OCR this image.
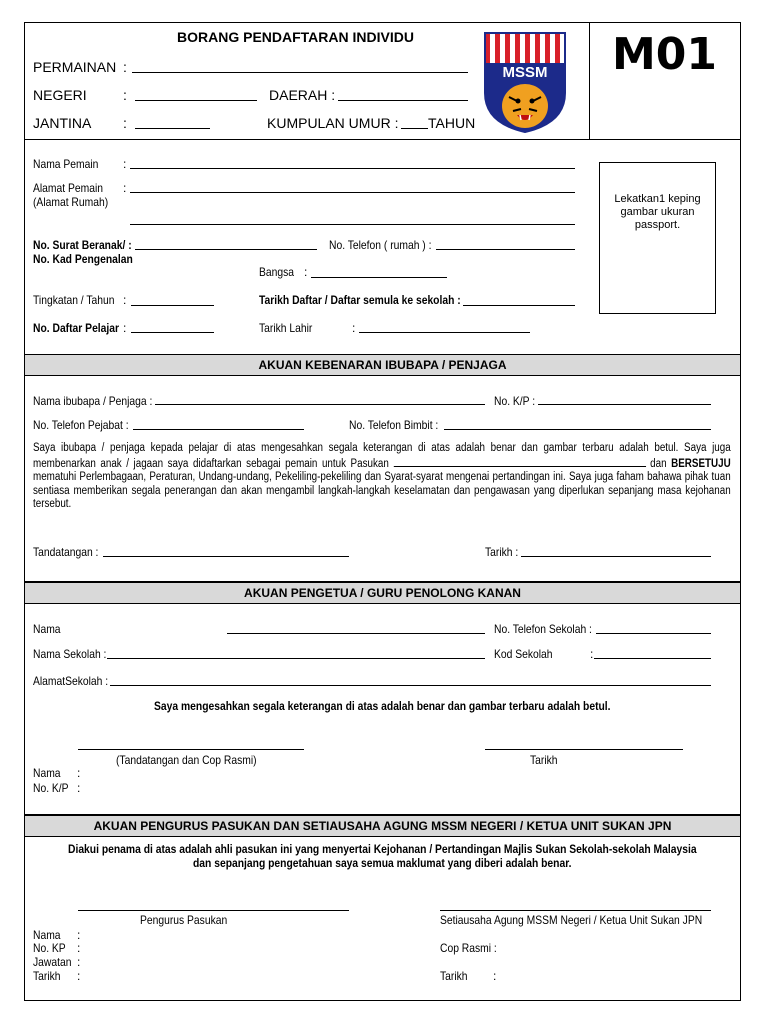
BORANG PENDAFTARAN INDIVIDU
PERMAINAN :
NEGERI	:	DAERAH :
JANTINA :	KUMPULAN UMUR : TAHUN
MSSM M01
Nama Pemain :
Alamat Pemain :
(Alamat Rumah)
No. Surat Beranak/ :
No. Kad Pengenalan
No. Telefon ( rumah ) :
Bangsa :
Tingkatan / Tahun :	Tarikh Daftar / Daftar semula ke sekolah :
No. Daftar Pelajar :	Tarikh Lahir	:
Lekatkan1 keping gambar ukuran passport.
AKUAN KEBENARAN IBUBAPA / PENJAGA
Nama ibubapa / Penjaga :	No. K/P :
No. Telefon Pejabat :	No. Telefon Bimbit :
Saya ibubapa / penjaga kepada pelajar di atas mengesahkan segala keterangan di atas adalah benar dan gambar terbaru adalah betul. Saya juga membenarkan anak / jagaan saya didaftarkan sebagai pemain untuk Pasukan	dan BERSETUJU mematuhi Perlembagaan, Peraturan, Undang-undang, Pekeliling-pekeliling dan Syarat-syarat mengenai pertandingan ini. Saya juga faham bahawa pihak tuan sentiasa memberikan segala penerangan dan akan mengambil langkah-langkah keselamatan dan pengawasan yang diperlukan sepanjang masa kejohanan tersebut.
Tandatangan :	Tarikh :
AKUAN PENGETUA / GURU PENOLONG KANAN
Nama	No. Telefon Sekolah :
Nama Sekolah :	Kod Sekolah	:
AlamatSekolah :
Saya mengesahkan segala keterangan di atas adalah benar dan gambar terbaru adalah betul.
(Tandatangan dan Cop Rasmi)	Tarikh
Nama :
No. K/P :
AKUAN PENGURUS PASUKAN DAN SETIAUSAHA AGUNG MSSM NEGERI / KETUA UNIT SUKAN JPN
Diakui penama di atas adalah ahli pasukan ini yang menyertai Kejohanan / Pertandingan Majlis Sukan Sekolah-sekolah Malaysia
dan sepanjang pengetahuan saya semua maklumat yang diberi adalah benar.
Pengurus Pasukan	Setiausaha Agung MSSM Negeri / Ketua Unit Sukan JPN
Nama :
No. KP :
Jawatan :
Tarikh :
Cop Rasmi :
Tarikh :
